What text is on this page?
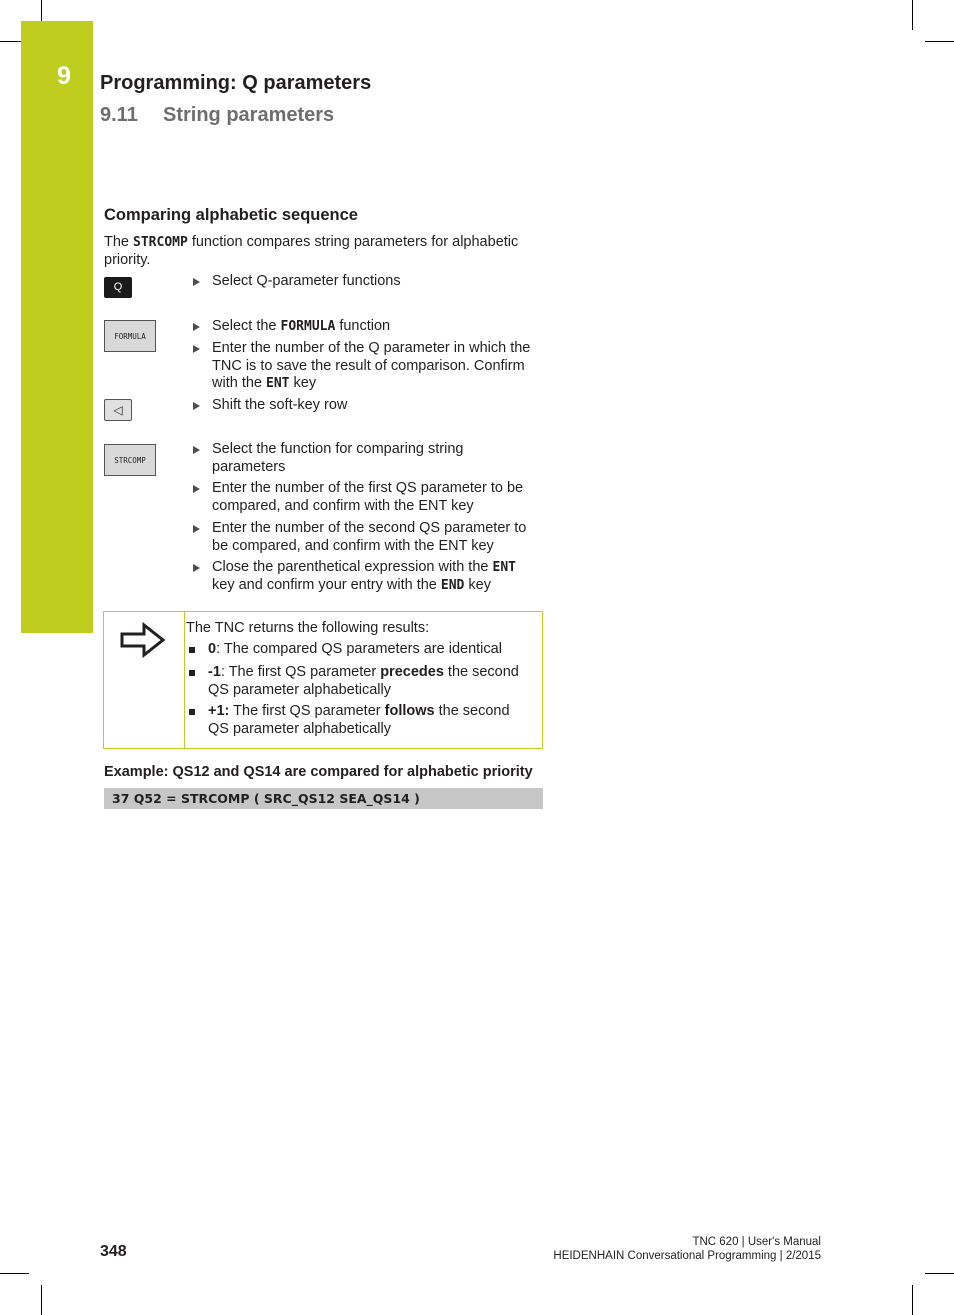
9	Programming: Q parameters
9.11 String parameters
Comparing alphabetic sequence
The STRCOMP function compares string parameters for alphabetic priority.
Q
FORMULA
◁
STRCOMP
Select Q-parameter functions
Select the FORMULA function
Enter the number of the Q parameter in which the TNC is to save the result of comparison. Confirm with the ENT key
Shift the soft-key row
Select the function for comparing string parameters
Enter the number of the first QS parameter to be compared, and confirm with the ENT key
Enter the number of the second QS parameter to be compared, and confirm with the ENT key
Close the parenthetical expression with the ENT key and confirm your entry with the END key
The TNC returns the following results:
0: The compared QS parameters are identical
-1: The first QS parameter precedes the second QS parameter alphabetically
+1: The first QS parameter follows the second QS parameter alphabetically
Example: QS12 and QS14 are compared for alphabetic priority
37 Q52 = STRCOMP ( SRC_QS12 SEA_QS14 )
348
TNC 620 | User's Manual
HEIDENHAIN Conversational Programming | 2/2015
